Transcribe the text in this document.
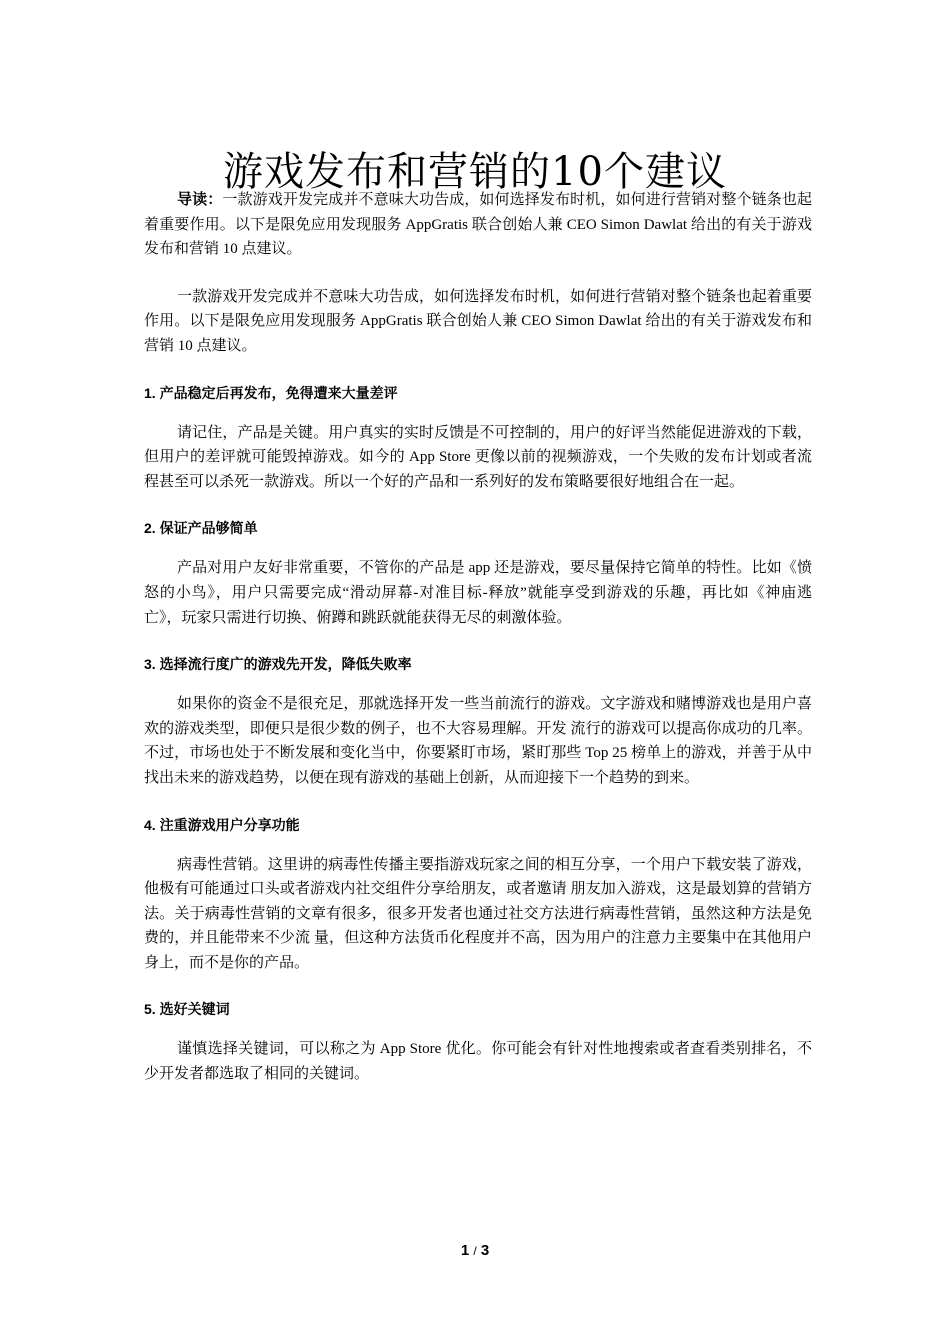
游戏发布和营销的10个建议

导读：一款游戏开发完成并不意味大功告成，如何选择发布时机，如何进行营销对整个链条也起着重要作用。以下是限免应用发现服务 AppGratis 联合创始人兼 CEO Simon Dawlat 给出的有关于游戏发布和营销 10 点建议。

一款游戏开发完成并不意味大功告成，如何选择发布时机，如何进行营销对整个链条也起着重要作用。以下是限免应用发现服务 AppGratis 联合创始人兼 CEO Simon Dawlat 给出的有关于游戏发布和营销 10 点建议。

1. 产品稳定后再发布，免得遭来大量差评

请记住，产品是关键。用户真实的实时反馈是不可控制的，用户的好评当然能促进游戏的下载，但用户的差评就可能毁掉游戏。如今的 App Store 更像以前的视频游戏，一个失败的发布计划或者流程甚至可以杀死一款游戏。所以一个好的产品和一系列好的发布策略要很好地组合在一起。

2. 保证产品够简单

产品对用户友好非常重要，不管你的产品是 app 还是游戏，要尽量保持它简单的特性。比如《愤怒的小鸟》，用户只需要完成“滑动屏幕-对准目标-释放”就能享受到游戏的乐趣，再比如《神庙逃亡》，玩家只需进行切换、俯蹲和跳跃就能获得无尽的刺激体验。

3. 选择流行度广的游戏先开发，降低失败率

如果你的资金不是很充足，那就选择开发一些当前流行的游戏。文字游戏和赌博游戏也是用户喜欢的游戏类型，即便只是很少数的例子，也不大容易理解。开发 流行的游戏可以提高你成功的几率。不过，市场也处于不断发展和变化当中，你要紧盯市场，紧盯那些 Top 25 榜单上的游戏，并善于从中找出未来的游戏趋势，以便在现有游戏的基础上创新，从而迎接下一个趋势的到来。

4. 注重游戏用户分享功能

病毒性营销。这里讲的病毒性传播主要指游戏玩家之间的相互分享，一个用户下载安装了游戏，他极有可能通过口头或者游戏内社交组件分享给朋友，或者邀请 朋友加入游戏，这是最划算的营销方法。关于病毒性营销的文章有很多，很多开发者也通过社交方法进行病毒性营销，虽然这种方法是免费的，并且能带来不少流 量，但这种方法货币化程度并不高，因为用户的注意力主要集中在其他用户身上，而不是你的产品。

5. 选好关键词

谨慎选择关键词，可以称之为 App Store 优化。你可能会有针对性地搜索或者查看类别排名，不少开发者都选取了相同的关键词。

1 / 3
